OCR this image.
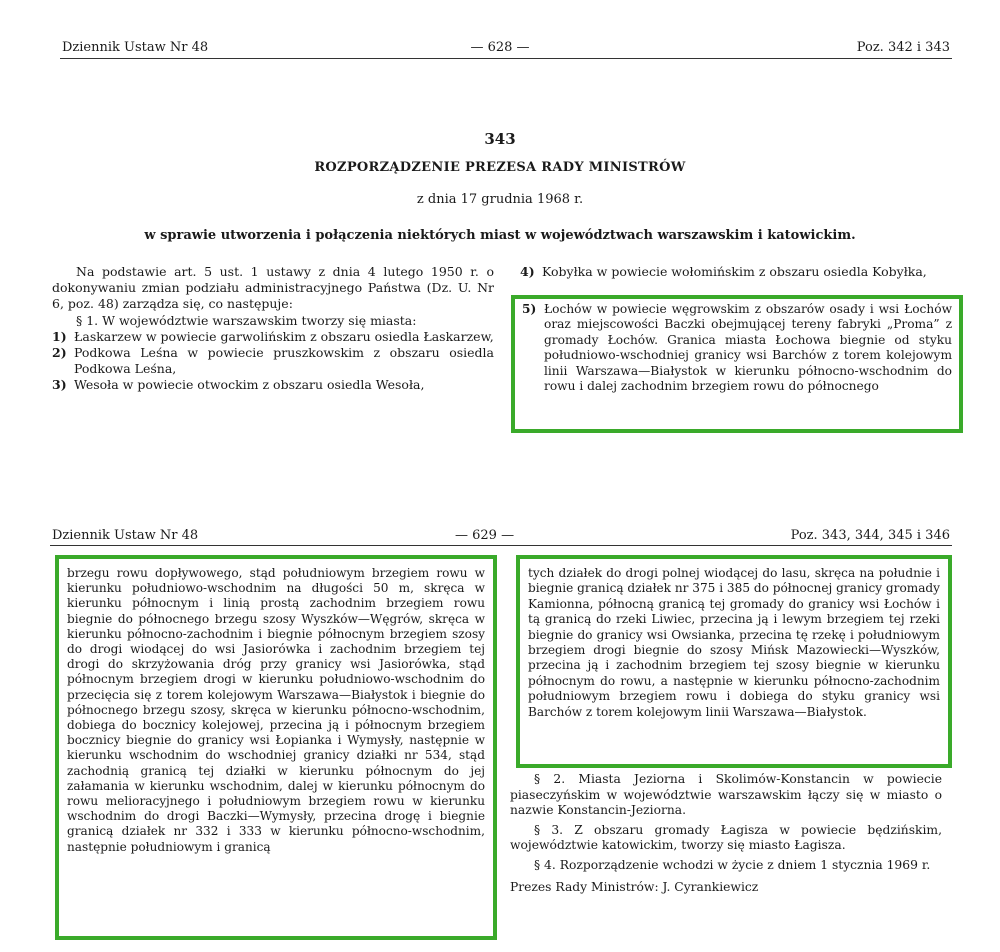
Dziennik Ustaw Nr 48	— 628 —	Poz. 342 i 343
343
ROZPORZĄDZENIE PREZESA RADY MINISTRÓW
z dnia 17 grudnia 1968 r.
w sprawie utworzenia i połączenia niektórych miast w województwach warszawskim i katowickim.

Na podstawie art. 5 ust. 1 ustawy z dnia 4 lutego 1950 r. o dokonywaniu zmian podziału administracyjnego Państwa (Dz. U. Nr 6, poz. 48) zarządza się, co następuje:

§ 1. W województwie warszawskim tworzy się miasta:

1) Łaskarzew w powiecie garwolińskim z obszaru osiedla Łaskarzew,
2) Podkowa Leśna w powiecie pruszkowskim z obszaru osiedla Podkowa Leśna,
3) Wesoła w powiecie otwockim z obszaru osiedla Wesoła,
4) Kobyłka w powiecie wołomińskim z obszaru osiedla Kobyłka,
5) Łochów w powiecie węgrowskim z obszarów osady i wsi Łochów oraz miejscowości Baczki obejmującej tereny fabryki „Proma” z gromady Łochów. Granica miasta Łochowa biegnie od styku południowo-wschodniej granicy wsi Barchów z torem kolejowym linii Warszawa—Białystok w kierunku północno-wschodnim do rowu i dalej zachodnim brzegiem rowu do północnego
Dziennik Ustaw Nr 48	— 629 —	Poz. 343, 344, 345 i 346

brzegu rowu dopływowego, stąd południowym brzegiem rowu w kierunku południowo-wschodnim na długości 50 m, skręca w kierunku północnym i linią prostą zachodnim brzegiem rowu biegnie do północnego brzegu szosy Wyszków—Węgrów, skręca w kierunku północno-zachodnim i biegnie północnym brzegiem szosy do drogi wiodącej do wsi Jasiorówka i zachodnim brzegiem tej drogi do skrzyżowania dróg przy granicy wsi Jasiorówka, stąd północnym brzegiem drogi w kierunku południowo-wschodnim do przecięcia się z torem kolejowym Warszawa—Białystok i biegnie do północnego brzegu szosy, skręca w kierunku północno-wschodnim, dobiega do bocznicy kolejowej, przecina ją i północnym brzegiem bocznicy biegnie do granicy wsi Łopianka i Wymysły, następnie w kierunku wschodnim do wschodniej granicy działki nr 534, stąd zachodnią granicą tej działki w kierunku północnym do jej załamania w kierunku wschodnim, dalej w kierunku północnym do rowu melioracyjnego i południowym brzegiem rowu w kierunku wschodnim do drogi Baczki—Wymysły, przecina drogę i biegnie granicą działek nr 332 i 333 w kierunku północno-wschodnim, następnie południowym i granicą

tych działek do drogi polnej wiodącej do lasu, skręca na południe i biegnie granicą działek nr 375 i 385 do północnej granicy gromady Kamionna, północną granicą tej gromady do granicy wsi Łochów i tą granicą do rzeki Liwiec, przecina ją i lewym brzegiem tej rzeki biegnie do granicy wsi Owsianka, przecina tę rzekę i południowym brzegiem drogi biegnie do szosy Mińsk Mazowiecki—Wyszków, przecina ją i zachodnim brzegiem tej szosy biegnie w kierunku północnym do rowu, a następnie w kierunku północno-zachodnim południowym brzegiem rowu i dobiega do styku granicy wsi Barchów z torem kolejowym linii Warszawa—Białystok.

§ 2. Miasta Jeziorna i Skolimów-Konstancin w powiecie piaseczyńskim w województwie warszawskim łączy się w miasto o nazwie Konstancin-Jeziorna.

§ 3. Z obszaru gromady Łagisza w powiecie będzińskim, województwie katowickim, tworzy się miasto Łagisza.

§ 4. Rozporządzenie wchodzi w życie z dniem 1 stycznia 1969 r.

Prezes Rady Ministrów: J. Cyrankiewicz
